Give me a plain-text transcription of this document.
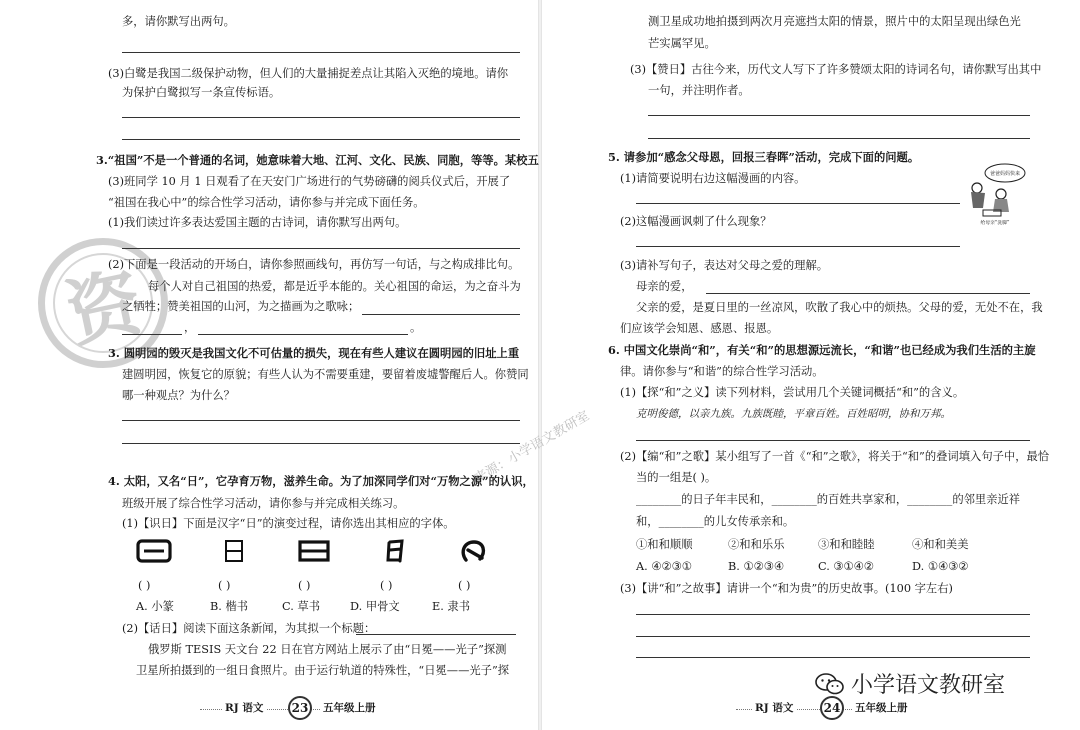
资
来源：小学语文教研室
多，请你默写出两句。
(3)白鹭是我国二级保护动物，但人们的大量捕捉差点让其陷入灭绝的境地。请你
为保护白鹭拟写一条宣传标语。
3.“祖国”不是一个普通的名词，她意味着大地、江河、文化、民族、同胞，等等。某校五
(3)班同学 10 月 1 日观看了在天安门广场进行的气势磅礴的阅兵仪式后，开展了
“祖国在我心中”的综合性学习活动，请你参与并完成下面任务。
(1)我们读过许多表达爱国主题的古诗词，请你默写出两句。
(2)下面是一段活动的开场白，请你参照画线句，再仿写一句话，与之构成排比句。
每个人对自己祖国的热爱，都是近乎本能的。关心祖国的命运，为之奋斗为
之牺牲；赞美祖国的山河，为之描画为之歌咏；
，	。
3. 圆明园的毁灭是我国文化不可估量的损失，现在有些人建议在圆明园的旧址上重
建圆明园，恢复它的原貌；有些人认为不需要重建，要留着废墟警醒后人。你赞同
哪一种观点？为什么？
4. 太阳，又名“日”，它孕育万物，滋养生命。为了加深同学们对“万物之源”的认识，
班级开展了综合性学习活动，请你参与并完成相关练习。
(1)【识日】下面是汉字“日”的演变过程，请你选出其相应的字体。
( )	( )	( )	( )	( )
A. 小篆	B. 楷书	C. 草书	D. 甲骨文	E. 隶书
(2)【话日】阅读下面这条新闻，为其拟一个标题：
俄罗斯 TESIS 天文台 22 日在官方网站上展示了由“日冕——光子”探测
卫星所拍摄到的一组日食照片。由于运行轨道的特殊性，“日冕——光子”探
RJ 语文	23	五年级上册
测卫星成功地拍摄到两次月亮遮挡太阳的情景，照片中的太阳呈现出绿色光
芒实属罕见。
(3)【赞日】古往今来，历代文人写下了许多赞颂太阳的诗词名句，请你默写出其中
一句，并注明作者。
5. 请参加“感念父母恩，回报三春晖”活动，完成下面的问题。
(1)请简要说明右边这幅漫画的内容。
(2)这幅漫画讽刺了什么现象？
(3)请补写句子，表达对父母之爱的理解。
母亲的爱，
父亲的爱，是夏日里的一丝凉风，吹散了我心中的烦热。父母的爱，无处不在，我
们应该学会知恩、感恩、报恩。
6. 中国文化崇尚“和”，有关“和”的思想源远流长，“和谐”也已经成为我们生活的主旋
律。请你参与“和谐”的综合性学习活动。
(1)【探“和”之义】读下列材料，尝试用几个关键词概括“和”的含义。
克明俊德，以亲九族。九族既睦，平章百姓。百姓昭明，协和万邦。
(2)【编“和”之歌】某小组写了一首《“和”之歌》，将关于“和”的叠词填入句子中，最恰
当的一组是( )。
________的日子年丰民和，________的百姓共享家和，________的邻里亲近祥
和，________的儿女传承亲和。
①和和顺顺	②和和乐乐	③和和睦睦	④和和美美
A. ④②③①	B. ①②③④	C. ③①④②	D. ①④③②
(3)【讲“和”之故事】请讲一个“和为贵”的历史故事。(100 字左右)
RJ 语文	24	五年级上册
爸爸妈妈快来
给母亲“洗脚”
小学语文教研室
